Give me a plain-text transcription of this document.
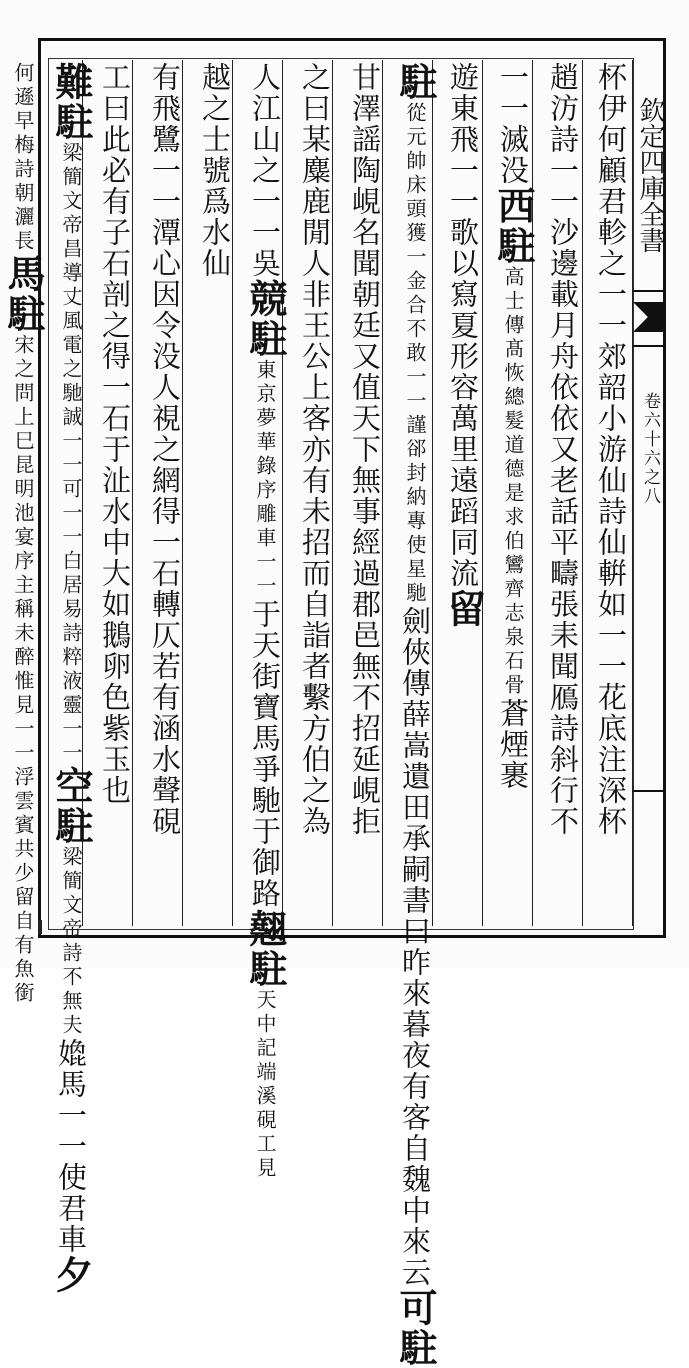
欽定四庫全書
卷六十六之八
杯伊何顧君軫之一一郊韶小游仙詩仙輧如一一花底注深杯
趙汸詩一一沙邊載月舟依依又老話平疇張耒聞鴈詩斜行不
一一滅没西駐高士傳髙恢總髮道德是求伯鸞齊志泉石骨蒼煙裹
遊東飛一一歌以寫夏形容萬里遠蹈同流留
駐從元帥床頭獲一金合不敢一一謹郤封納專使星馳劍俠傳薛嵩遺田承嗣書曰昨來暮夜有客自魏中來云可駐
甘澤謡陶峴名聞朝廷又值天下無事經過郡邑無不招延峴拒
之曰某麋鹿閒人非王公上客亦有未招而自詣者繫方伯之為
人江山之一一吳競駐東京夢華錄序雕車一一于天街寶馬爭馳于御路翹駐天中記端溪硯工見
越之士號爲水仙
有飛鷺一一潭心因令没人視之網得一石轉仄若有涵水聲硯
工曰此必有子石剖之得一石于沚水中大如鵝卵色紫玉也
難駐梁簡文帝昌導丈風電之馳誠一一可一一白居易詩粹液靈一一空駐梁簡文帝詩不無夫嫓馬一一使君車夕
何遜早梅詩朝灑長馬駐宋之問上巳昆明池宴序主稱未醉惟見一一浮雲賓共少留自有魚銜
